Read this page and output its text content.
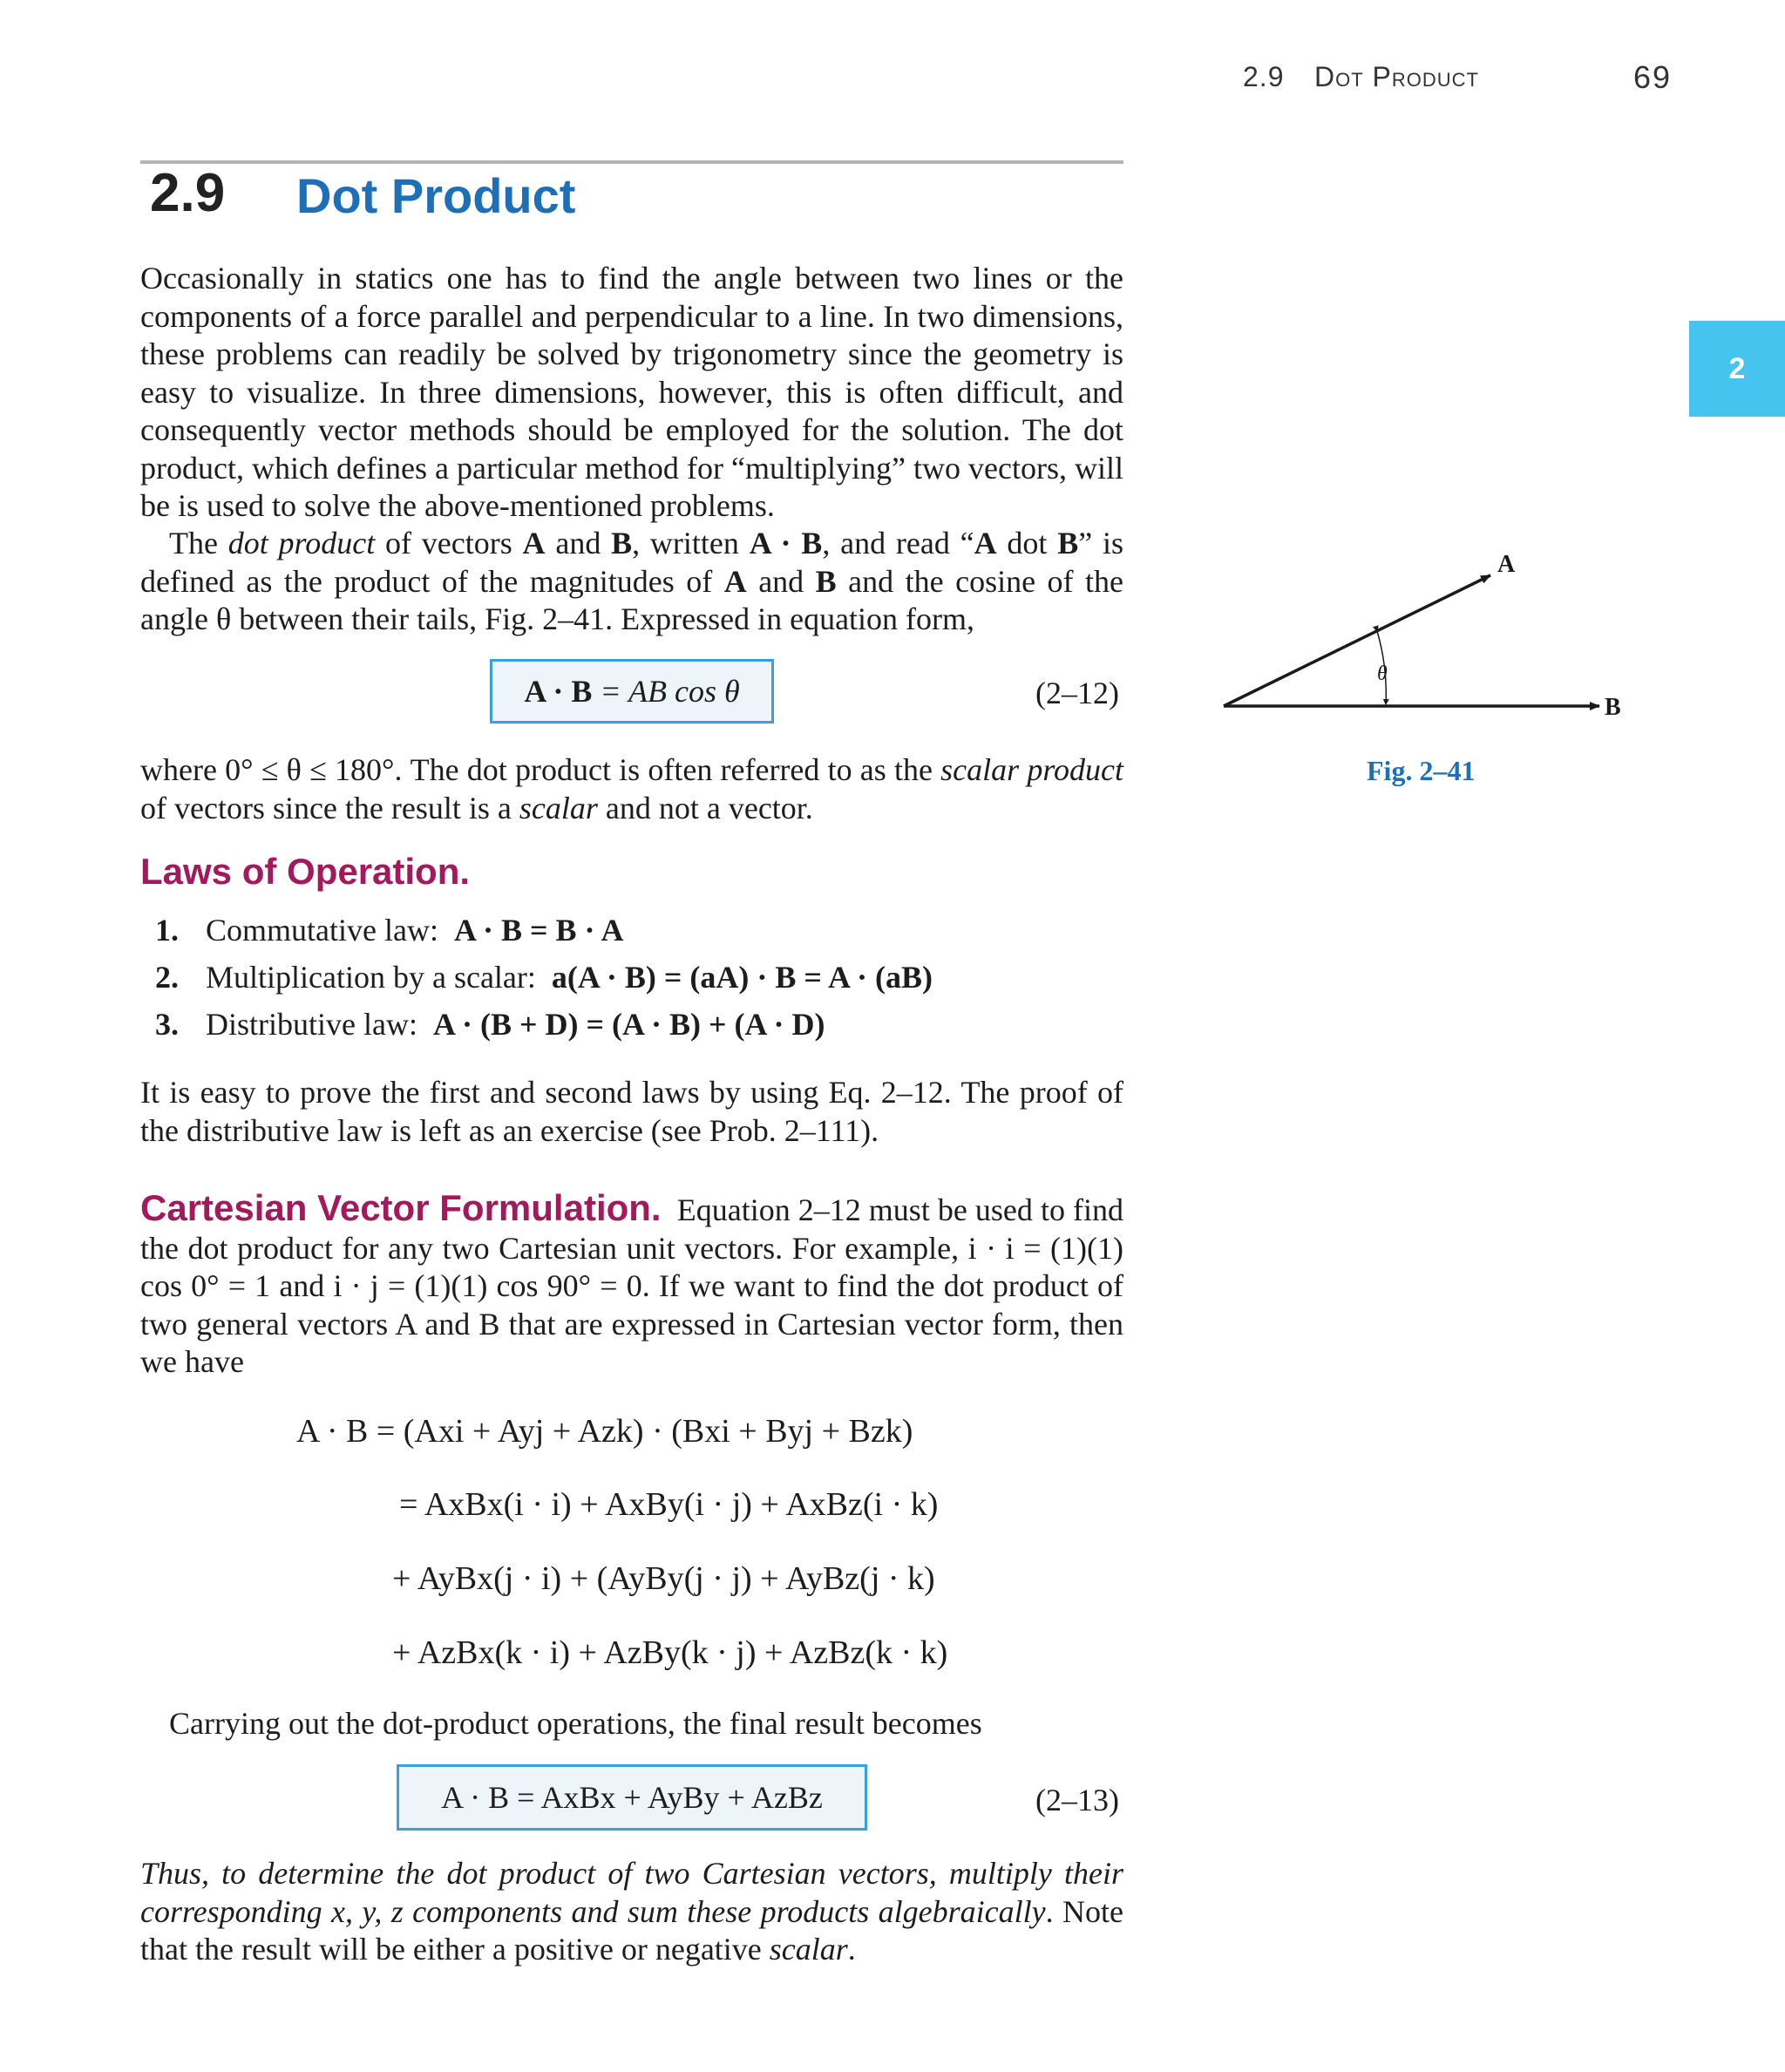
2.9 Dot Product	69
2
2.9 Dot Product
Occasionally in statics one has to find the angle between two lines or the components of a force parallel and perpendicular to a line. In two dimensions, these problems can readily be solved by trigonometry since the geometry is easy to visualize. In three dimensions, however, this is often difficult, and consequently vector methods should be employed for the solution. The dot product, which defines a particular method for “multiplying” two vectors, will be is used to solve the above-mentioned problems.
The dot product of vectors A and B, written A · B, and read “A dot B” is defined as the product of the magnitudes of A and B and the cosine of the angle θ between their tails, Fig. 2–41. Expressed in equation form,
A · B = AB cos θ	(2–12)
where 0° ≤ θ ≤ 180°. The dot product is often referred to as the scalar product of vectors since the result is a scalar and not a vector.
Laws of Operation.
1. Commutative law:  A · B = B · A
2. Multiplication by a scalar:  a(A · B) = (aA) · B = A · (aB)
3. Distributive law:  A · (B + D) = (A · B) + (A · D)
It is easy to prove the first and second laws by using Eq. 2–12. The proof of the distributive law is left as an exercise (see Prob. 2–111).
Cartesian Vector Formulation. Equation 2–12 must be used to find the dot product for any two Cartesian unit vectors. For example, i · i = (1)(1) cos 0° = 1 and i · j = (1)(1) cos 90° = 0. If we want to find the dot product of two general vectors A and B that are expressed in Cartesian vector form, then we have
A · B = (Axi + Ayj + Azk) · (Bxi + Byj + Bzk)
= AxBx(i · i) + AxBy(i · j) + AxBz(i · k)
+ AyBx(j · i) + (AyBy(j · j) + AyBz(j · k)
+ AzBx(k · i) + AzBy(k · j) + AzBz(k · k)
Carrying out the dot-product operations, the final result becomes
A · B = AxBx + AyBy + AzBz	(2–13)
Thus, to determine the dot product of two Cartesian vectors, multiply their corresponding x, y, z components and sum these products algebraically. Note that the result will be either a positive or negative scalar.
A
B
θ
Fig. 2–41
